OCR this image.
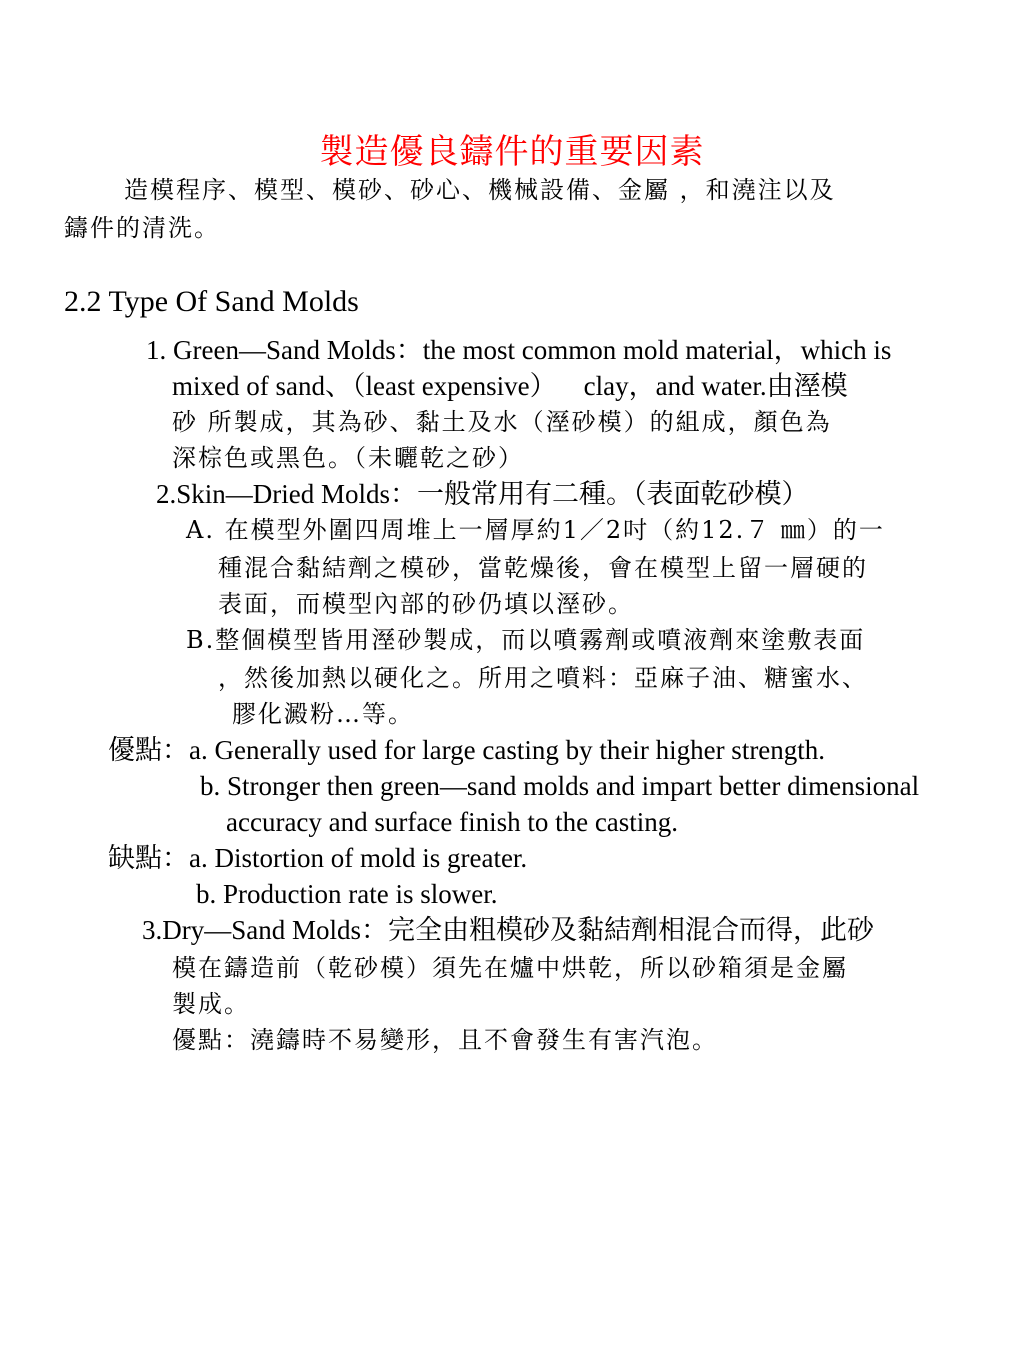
製造優良鑄件的重要因素
造模程序、模型、模砂、砂心、機械設備、金屬 ，和澆注以及
鑄件的清洗。
2.2 Type Of Sand Molds
1. Green—Sand Molds：the most common mold material，which is
mixed of sand、（least expensive）    clay，and water.由溼模
砂 所製成，其為砂、黏土及水（溼砂模）的組成，顏色為
深棕色或黑色。（未曬乾之砂）
2.Skin—Dried Molds：一般常用有二種。（表面乾砂模）
A. 在模型外圍四周堆上一層厚約1／2吋（約12.７ ㎜）的一
種混合黏結劑之模砂，當乾燥後，會在模型上留一層硬的
表面，而模型內部的砂仍填以溼砂。
B.整個模型皆用溼砂製成，而以噴霧劑或噴液劑來塗敷表面
，然後加熱以硬化之。所用之噴料：亞麻子油、糖蜜水、
膠化澱粉…等。
優點：a. Generally used for large casting by their higher strength.
b. Stronger then green—sand molds and impart better dimensional
accuracy and surface finish to the casting.
缺點：a. Distortion of mold is greater.
b. Production rate is slower.
3.Dry—Sand Molds：完全由粗模砂及黏結劑相混合而得，此砂
模在鑄造前（乾砂模）須先在爐中烘乾，所以砂箱須是金屬
製成。
優點：澆鑄時不易變形，且不會發生有害汽泡。
